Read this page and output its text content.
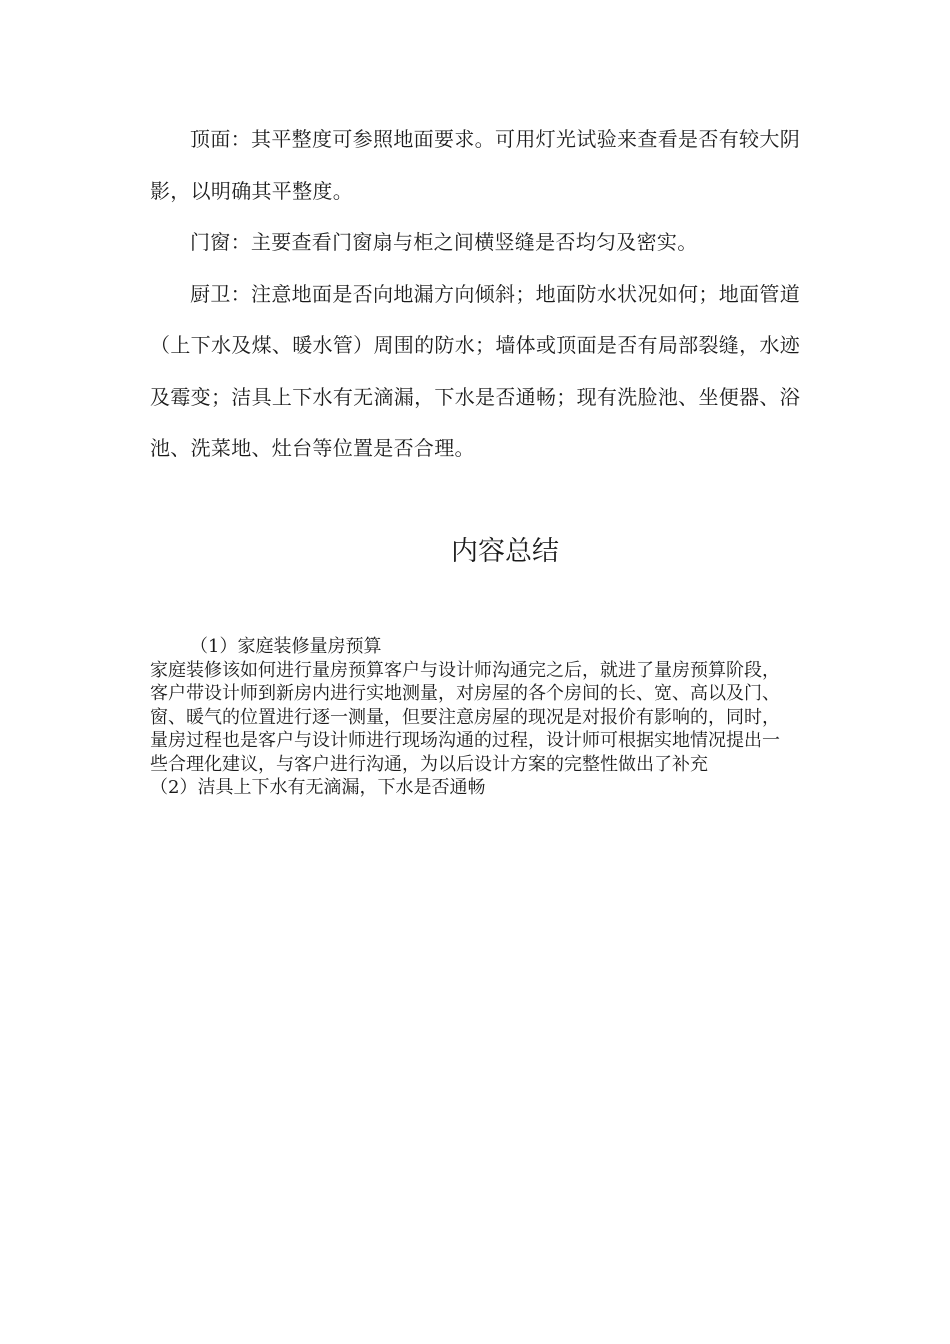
顶面：其平整度可参照地面要求。可用灯光试验来查看是否有较大阴影，以明确其平整度。

门窗：主要查看门窗扇与柜之间横竖缝是否均匀及密实。

厨卫：注意地面是否向地漏方向倾斜；地面防水状况如何；地面管道（上下水及煤、暖水管）周围的防水；墙体或顶面是否有局部裂缝，水迹及霉变；洁具上下水有无滴漏，下水是否通畅；现有洗脸池、坐便器、浴池、洗菜地、灶台等位置是否合理。

内容总结

（1）家庭装修量房预算

家庭装修该如何进行量房预算客户与设计师沟通完之后，就进了量房预算阶段，客户带设计师到新房内进行实地测量，对房屋的各个房间的长、宽、高以及门、窗、暖气的位置进行逐一测量，但要注意房屋的现况是对报价有影响的，同时，量房过程也是客户与设计师进行现场沟通的过程，设计师可根据实地情况提出一些合理化建议，与客户进行沟通，为以后设计方案的完整性做出了补充

（2）洁具上下水有无滴漏，下水是否通畅
